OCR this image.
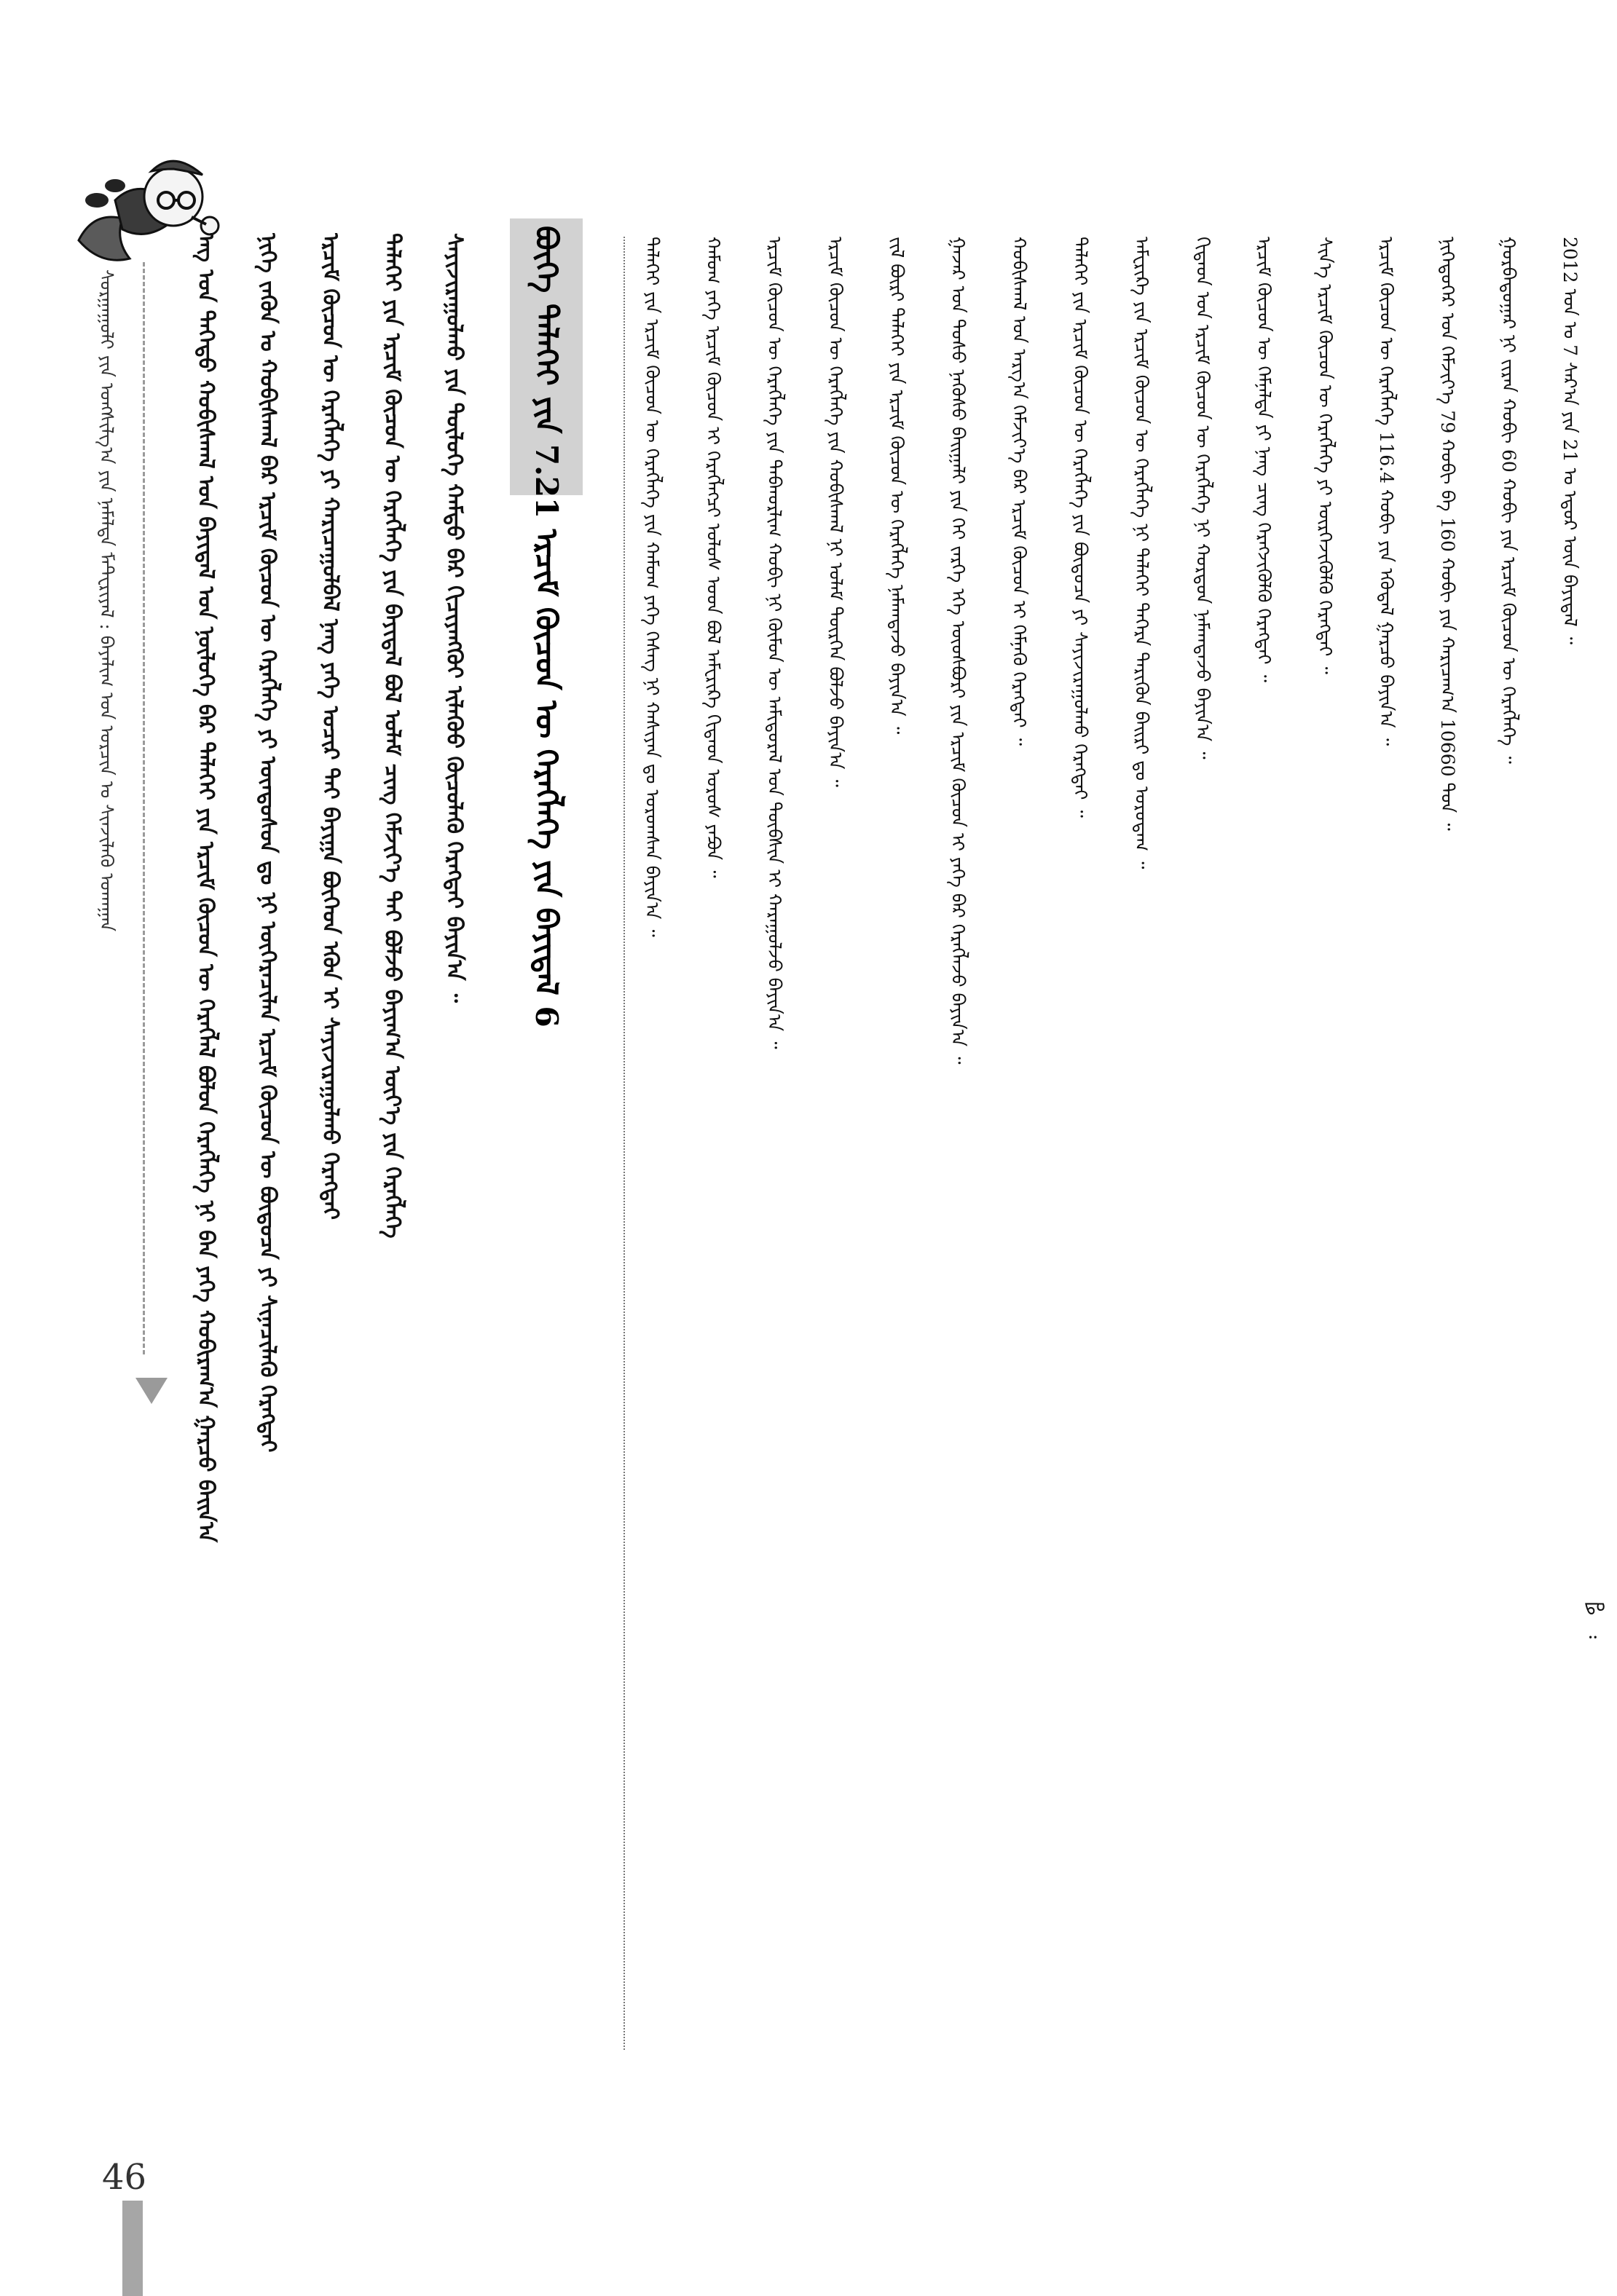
ᠰᠤᠷᠭᠠᠭᠤᠯᠢ ᠶᠢᠨ ᠤᠩᠰᠢᠯᠭ᠎ᠠ ᠶᠢᠨ ᠨᠡᠮᠡᠯᠲᠡ ᠮᠠᠲ᠋ᠸᠷᠢᠶᠠᠯ : ᠪᠠᠶᠠᠯᠢᠭ ᠤᠨ ᠣᠷᠴᠢᠨ ᠤ ᠰᠢᠨᠵᠢᠯᠡᠬᠦ ᠤᠬᠠᠭᠠᠨ	ᠡᠩ ᠤᠨ ᠳᠡᠭᠡᠳᠦ ᠬᠤᠪᠢᠰᠬᠠᠯ ᠤᠨ ᠪᠠᠶᠢᠳᠠᠯ ᠤᠨ ᠨᠥᠯᠥᠭᠡ ᠪᠠᠷ ᠳᠡᠯᠡᠬᠡᠢ ᠶᠢᠨ ᠡᠷᠴᠢᠮ ᠬᠦᠴᠦᠨ ᠦ ᠭᠡᠷᠡᠭᠯᠡᠯ ᠪᠤᠯᠤᠨ ᠬᠡᠷᠡᠭᠯᠡᠭᠡ ᠨᠢ ᠪᠠᠨ ᠶᠡᠬᠡ ᠬᠤᠪᠢᠷᠠᠭ᠎ᠠ ᠭᠠᠷᠴᠤ ᠪᠠᠢᠨ᠎ᠠ ᠨᠢᠭᠡ ᠵᠡᠭᠦᠨ ᠤ ᠬᠤᠪᠢᠰᠬᠠᠯ ᠪᠠᠷ ᠡᠷᠴᠢᠮ ᠬᠦᠴᠦᠨ ᠦ ᠬᠡᠷᠡᠭᠯᠡᠭᠡ ᠶᠢ ᠦᠨᠳᠦᠰᠦᠨ ᠳᠤ ᠨᠢ ᠥᠭᠡᠷᠡᠴᠢᠯᠡᠨ ᠡᠷᠴᠢᠮ ᠬᠦᠴᠦᠨ ᠦ ᠪᠦᠲᠦᠴᠡ ᠶᠢ ᠰᠢᠨᠡᠴᠢᠯᠡᠬᠦ ᠬᠡᠷᠡᠭᠲᠡᠢ ᠡᠷᠴᠢᠮ ᠬᠦᠴᠦᠨ ᠦ ᠬᠡᠷᠡᠭᠯᠡᠭᠡ ᠶᠢ ᠬᠠᠷᠢᠴᠠᠭᠤᠯᠪᠠᠯ ᠨᠡᠩ ᠶᠡᠬᠡ ᠤᠴᠢᠷ ᠲᠠᠢ ᠪᠠᠶᠢᠭᠠ ᠪᠦᠭᠡᠳ ᠡᠭᠦᠨ ᠢ ᠰᠠᠶᠢᠵᠢᠷᠠᠭᠤᠯᠬᠤ ᠬᠡᠷᠡᠭᠲᠡᠢ ᠳᠡᠯᠡᠬᠡᠢ ᠶᠢᠨ ᠡᠷᠴᠢᠮ ᠬᠦᠴᠦᠨ ᠦ ᠬᠡᠷᠡᠭᠯᠡᠭᠡ ᠶᠢᠨ ᠪᠠᠶᠢᠳᠠᠯ ᠪᠣᠯ ᠤᠯᠠᠮ ᠴᠢᠩ ᠬᠡᠮᠵᠢᠶ᠎ᠡ ᠲᠠᠢ ᠪᠣᠯᠵᠤ ᠪᠠᠶᠢᠭ᠎ᠠ ᠦᠶ᠎ᠡ ᠶᠢᠨ ᠬᠡᠷᠡᠭᠯᠡᠭᠡ ᠰᠠᠶᠢᠵᠢᠷᠠᠭᠤᠯᠬᠤ ᠶᠢᠨ ᠲᠥᠯᠥᠭᠡ ᠬᠠᠮᠲᠤ ᠪᠡᠷ ᠬᠢᠴᠢᠶᠡᠩᠭᠦᠢ ᠢᠯᠡᠭᠦᠦ ᠬᠦᠴᠦᠯᠡᠬᠦ ᠬᠡᠷᠡᠭᠲᠡᠢ ᠪᠠᠶᠢᠨ᠎ᠠ ᠃ ᠪᠥᠬᠡ ᠳᠡᠯᠡᠬᠡᠢ ᠶᠢᠨ 7.21 ᠡᠷᠴᠢᠮ ᠬᠦᠴᠦᠨ ᠦ ᠬᠡᠷᠡᠭᠯᠡᠭᠡ ᠶᠢᠨ ᠪᠠᠶᠢᠳᠠᠯ 6
ᠳᠡᠯᠡᠬᠡᠢ ᠶᠢᠨ ᠡᠷᠴᠢᠮ ᠬᠦᠴᠦᠨ ᠦ ᠬᠡᠷᠡᠭᠯᠡᠭᠡ ᠶᠢᠨ ᠬᠠᠮᠤᠭ ᠶᠡᠬᠡ ᠬᠡᠰᠡᠭ ᠨᠢ ᠬᠠᠰᠢᠶᠠᠨ ᠳᠤ ᠣᠷᠣᠭᠰᠠᠨ ᠪᠠᠶᠢᠨ᠎ᠠ ᠃ ᠬᠠᠮᠤᠭ ᠶᠡᠬᠡ ᠡᠷᠴᠢᠮ ᠬᠦᠴᠦᠨ ᠢ ᠬᠡᠷᠡᠭᠯᠡᠭᠴᠢ ᠤᠯᠤᠰ ᠤᠳ ᠪᠣᠯ ᠠᠮᠸᠷᠢᠺᠠ ᠬᠢᠲᠠᠳ ᠣᠷᠣᠰ ᠶᠠᠫᠣᠨ ᠃ ᠡᠷᠴᠢᠮ ᠬᠦᠴᠦᠨ ᠦ ᠬᠡᠷᠡᠭᠯᠡᠭᠡ ᠶᠢᠨ ᠳᠠᠪᠬᠤᠷᠯᠢᠭ ᠬᠤᠪᠢ ᠨᠢ ᠬᠦᠮᠦᠨ ᠦ ᠠᠮᠢᠳᠤᠷᠠᠯ ᠤᠨ ᠲᠦᠪᠰᠢᠨ ᠢ ᠬᠠᠷᠠᠭᠤᠯᠵᠤ ᠪᠠᠶᠢᠨ᠎ᠠ ᠃ ᠡᠷᠴᠢᠮ ᠬᠦᠴᠦᠨ ᠦ ᠬᠡᠷᠡᠭᠯᠡᠭᠡ ᠶᠢᠨ ᠬᠤᠪᠢᠰᠬᠠᠯ ᠨᠢ ᠤᠯᠠᠮ ᠲᠦᠷᠭᠡᠨ ᠪᠣᠯᠵᠤ ᠪᠠᠶᠢᠨ᠎ᠠ ᠃ ᠵᠢᠯ ᠪᠦᠷᠢ ᠳᠡᠯᠡᠬᠡᠢ ᠶᠢᠨ ᠡᠷᠴᠢᠮ ᠬᠦᠴᠦᠨ ᠦ ᠬᠡᠷᠡᠭᠯᠡᠭᠡ ᠨᠡᠮᠡᠭ᠍ᠳᠡᠵᠦ ᠪᠠᠶᠢᠨ᠎ᠠ ᠃ ᠭᠠᠵᠠᠷ ᠤᠨ ᠲᠣᠰᠤ ᠨᠡᠭᠦᠰᠦ ᠪᠠᠢᠭᠠᠯᠢ ᠶᠢᠨ ᠬᠡᠢ ᠵᠡᠷᠭᠡ ᠡᠬᠡ ᠦᠦᠰᠪᠦᠷᠢ ᠶᠢᠨ ᠡᠷᠴᠢᠮ ᠬᠦᠴᠦᠨ ᠢ ᠶᠡᠬᠡ ᠪᠠᠷ ᠬᠡᠷᠡᠭᠯᠡᠵᠦ ᠪᠠᠶᠢᠨ᠎ᠠ ᠃ ᠬᠤᠪᠢᠰᠬᠠᠯ ᠤᠨ ᠠᠷᠭ᠎ᠠ ᠬᠡᠮᠵᠢᠶ᠎ᠡ ᠪᠠᠷ ᠡᠷᠴᠢᠮ ᠬᠦᠴᠦᠨ ᠢ ᠬᠡᠮᠨᠡᠬᠦ ᠬᠡᠷᠡᠭᠲᠡᠢ ᠃ ᠳᠡᠯᠡᠬᠡᠢ ᠶᠢᠨ ᠡᠷᠴᠢᠮ ᠬᠦᠴᠦᠨ ᠦ ᠬᠡᠷᠡᠭᠯᠡᠭᠡ ᠶᠢᠨ ᠪᠦᠲᠦᠴᠡ ᠶᠢ ᠰᠠᠶᠢᠵᠢᠷᠠᠭᠤᠯᠬᠤ ᠬᠡᠷᠡᠭᠲᠡᠢ ᠃ ᠠᠮᠸᠷᠢᠺᠠ ᠶᠢᠨ ᠡᠷᠴᠢᠮ ᠬᠦᠴᠦᠨ ᠦ ᠬᠡᠷᠡᠭᠯᠡᠭᠡ ᠨᠢ ᠳᠡᠯᠡᠬᠡᠢ ᠳᠡᠭᠡᠷᠡ ᠲᠡᠷᠢᠭᠦᠨ ᠪᠠᠢᠷᠢ ᠳᠤ ᠣᠷᠣᠳᠠᠭ ᠃ ᠬᠢᠲᠠᠳ ᠤᠨ ᠡᠷᠴᠢᠮ ᠬᠦᠴᠦᠨ ᠦ ᠬᠡᠷᠡᠭᠯᠡᠭᠡ ᠨᠢ ᠬᠤᠷᠳᠤᠨ ᠨᠡᠮᠡᠭ᠍ᠳᠡᠵᠦ ᠪᠠᠶᠢᠨ᠎ᠠ ᠃ ᠡᠷᠴᠢᠮ ᠬᠦᠴᠦᠨ ᠦ ᠬᠡᠮᠨᠡᠯᠲᠡ ᠶᠢ ᠨᠡᠩ ᠴᠢᠩ ᠬᠡᠷᠡᠭᠵᠢᠭᠦᠯᠬᠦ ᠬᠡᠷᠡᠭᠲᠡᠢ ᠃ ᠰᠢᠨ᠎ᠡ ᠡᠷᠴᠢᠮ ᠬᠦᠴᠦᠨ ᠦ ᠬᠡᠷᠡᠭᠯᠡᠭᠡ ᠶᠢ ᠥᠷᠭᠡᠵᠢᠭᠦᠯᠬᠦ ᠬᠡᠷᠡᠭᠲᠡᠢ ᠃ ᠡᠷᠴᠢᠮ ᠬᠦᠴᠦᠨ ᠦ ᠬᠡᠷᠡᠭᠯᠡᠭᠡ 116.4 ᠬᠤᠪᠢ ᠶᠢᠨ ᠡᠭᠦᠳᠡᠯ ᠭᠠᠷᠴᠤ ᠪᠠᠶᠢᠨ᠎ᠠ ᠃ ᠨᠢᠭᠡᠳᠦᠭᠡᠷ ᠤᠨ ᠬᠡᠮᠵᠢᠶ᠎ᠡ 79 ᠬᠤᠪᠢ ᠪᠠ 160 ᠬᠤᠪᠢ ᠶᠢᠨ ᠬᠠᠷᠢᠴᠠᠭ᠎ᠠ 10660 ᠲᠤᠨ ᠃ ᠭᠤᠷᠪᠠᠳᠤᠭᠠᠷ ᠨᠢ ᠵᠢᠷᠠᠨ ᠬᠤᠪᠢ 60 ᠬᠤᠪᠢ ᠶᠢᠨ ᠡᠷᠴᠢᠮ ᠬᠦᠴᠦᠨ ᠦ ᠬᠡᠷᠡᠭᠯᠡᠭᠡ ᠃ 2012 ᠣᠨ ᠤ 7 ᠰᠠᠷ᠎ᠠ ᠶᠢᠨ 21 ᠤ ᠡᠳᠦᠷ ᠦᠨ ᠪᠠᠶᠢᠳᠠᠯ ᠃
ᠳᠤ ᠃
46
